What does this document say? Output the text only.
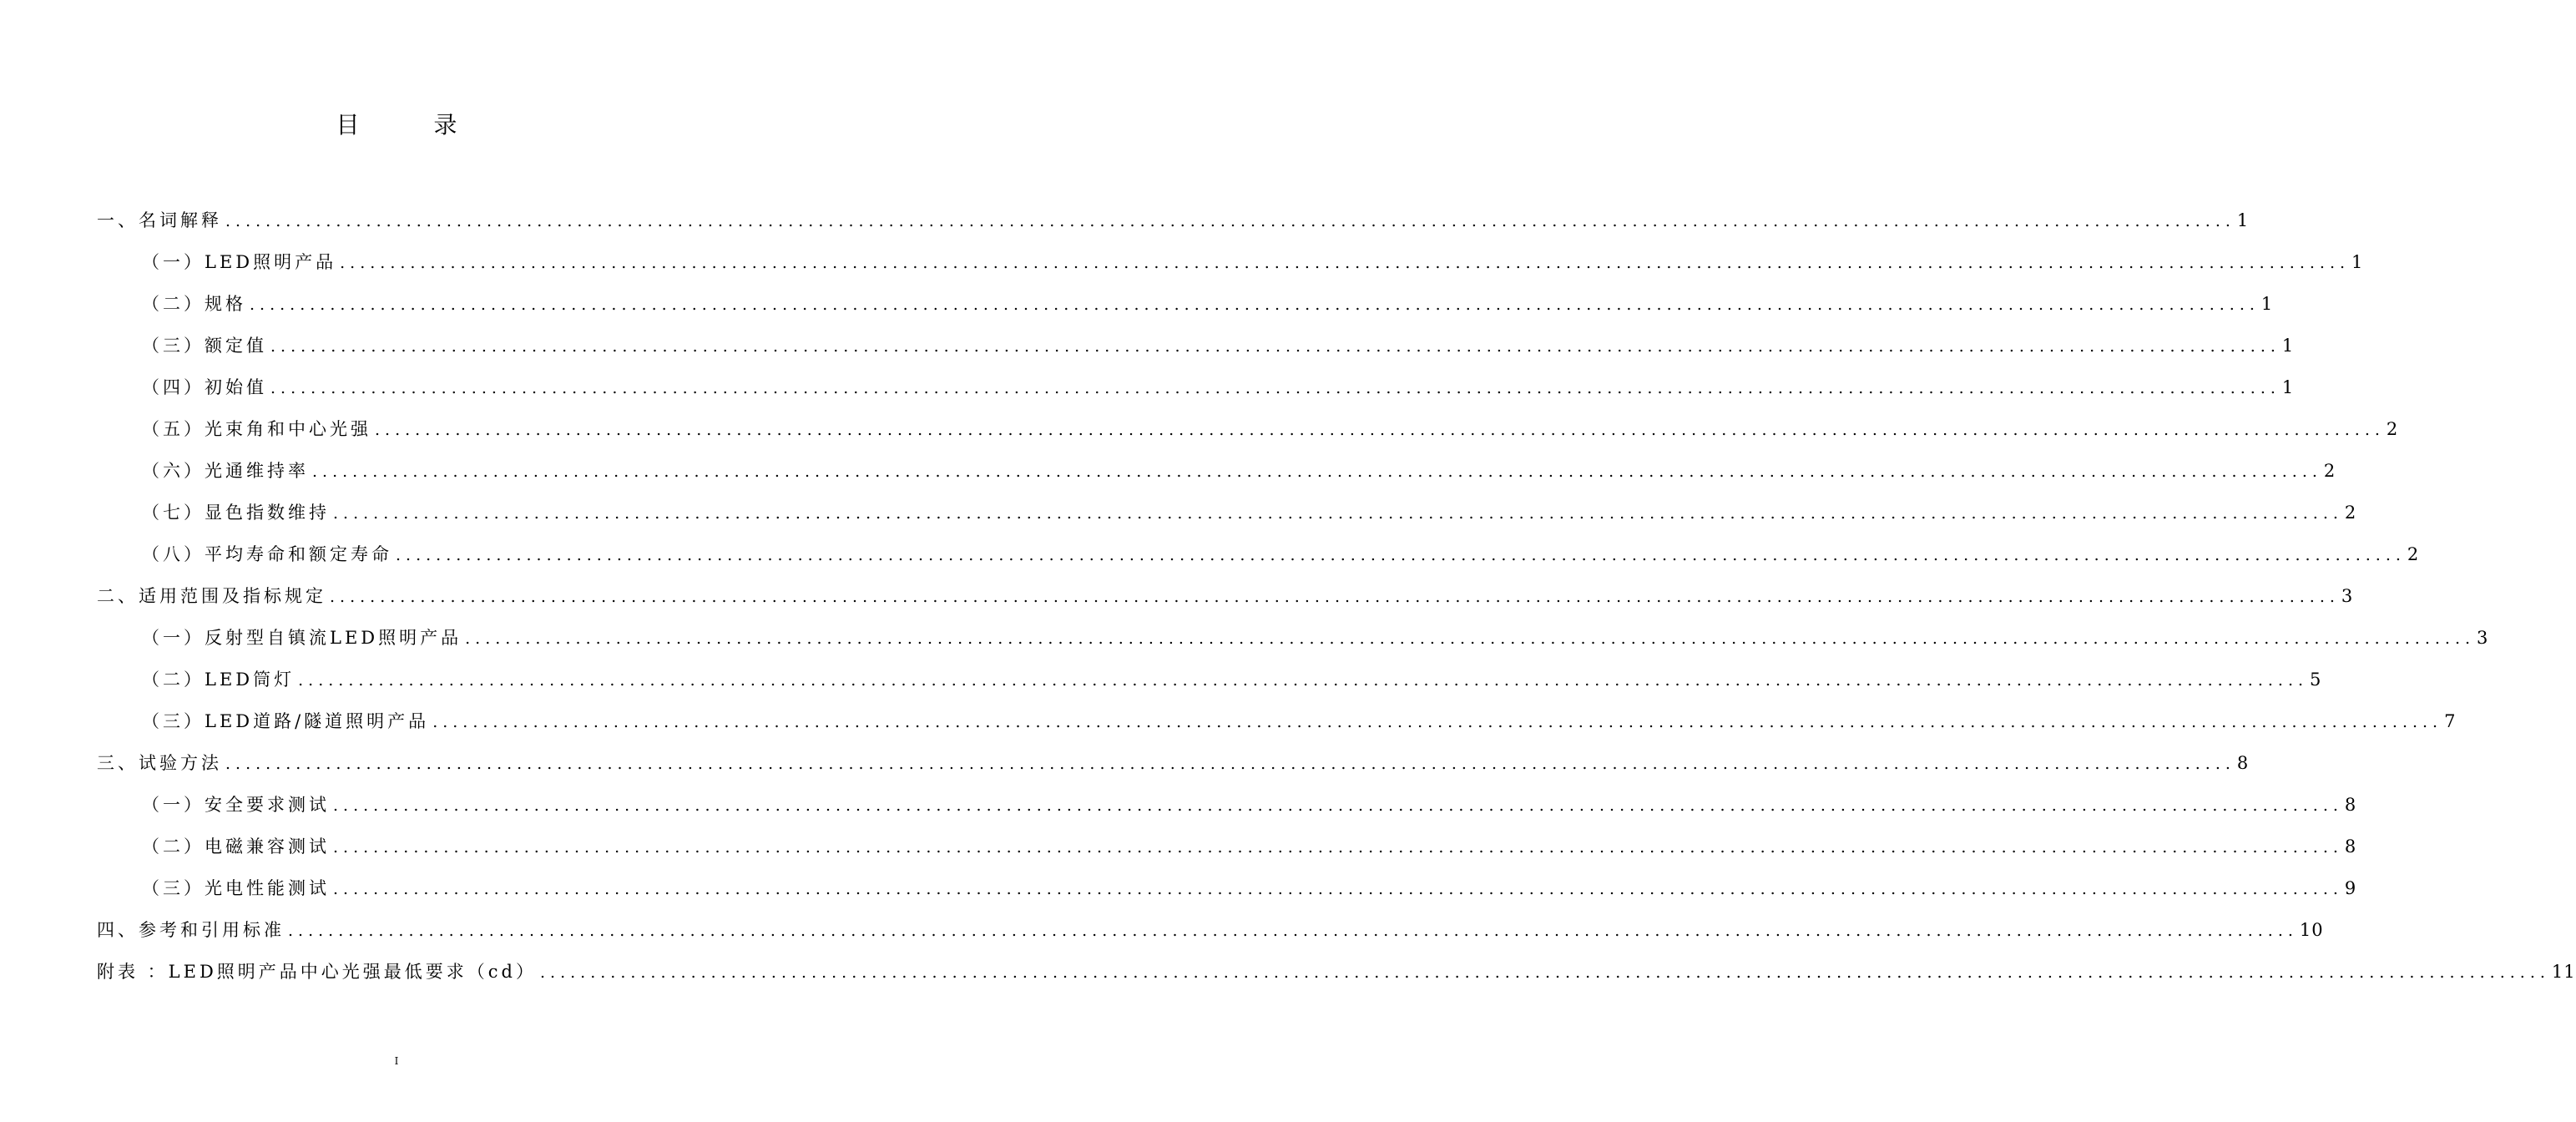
目 录
一、名词解释 ........................................................................................................................................................................................................ 1
（一）LED照明产品 ........................................................................................................................................................................................................ 1
（二）规格 ........................................................................................................................................................................................................ 1
（三）额定值 ........................................................................................................................................................................................................ 1
（四）初始值 ........................................................................................................................................................................................................ 1
（五）光束角和中心光强 ........................................................................................................................................................................................................ 2
（六）光通维持率 ........................................................................................................................................................................................................ 2
（七）显色指数维持 ........................................................................................................................................................................................................ 2
（八）平均寿命和额定寿命 ........................................................................................................................................................................................................ 2
二、适用范围及指标规定 ........................................................................................................................................................................................................ 3
（一）反射型自镇流LED照明产品 ........................................................................................................................................................................................................ 3
（二）LED筒灯 ........................................................................................................................................................................................................ 5
（三）LED道路/隧道照明产品 ........................................................................................................................................................................................................ 7
三、试验方法 ........................................................................................................................................................................................................ 8
（一）安全要求测试 ........................................................................................................................................................................................................ 8
（二）电磁兼容测试 ........................................................................................................................................................................................................ 8
（三）光电性能测试 ........................................................................................................................................................................................................ 9
四、参考和引用标准 ........................................................................................................................................................................................................ 10
附表 ：LED照明产品中心光强最低要求（cd） ........................................................................................................................................................................................................ 11
I
